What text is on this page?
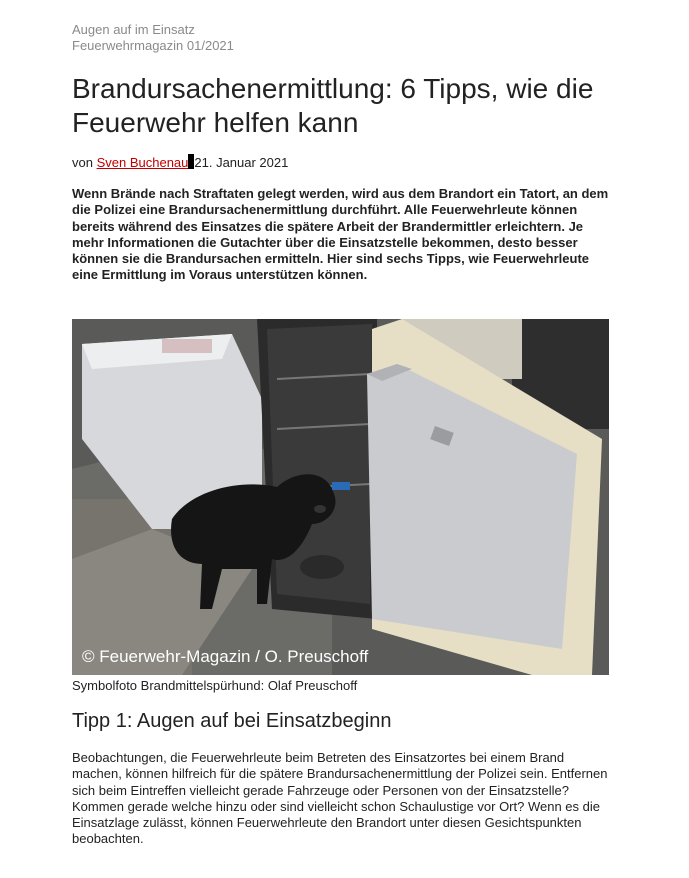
Augen auf im Einsatz
Feuerwehrmagazin 01/2021
Brandursachenermittlung: 6 Tipps, wie die Feuerwehr helfen kann
von Sven Buchenau 21. Januar 2021

Wenn Brände nach Straftaten gelegt werden, wird aus dem Brandort ein Tatort, an dem die Polizei eine Brandursachenermittlung durchführt. Alle Feuerwehrleute können bereits während des Einsatzes die spätere Arbeit der Brandermittler erleichtern. Je mehr Informationen die Gutachter über die Einsatzstelle bekommen, desto besser können sie die Brandursachen ermitteln. Hier sind sechs Tipps, wie Feuerwehrleute eine Ermittlung im Voraus unterstützen können.

© Feuerwehr-Magazin / O. Preuschoff
Symbolfoto Brandmittelspürhund: Olaf Preuschoff
Tipp 1: Augen auf bei Einsatzbeginn

Beobachtungen, die Feuerwehrleute beim Betreten des Einsatzortes bei einem Brand machen, können hilfreich für die spätere Brandursachenermittlung der Polizei sein. Entfernen sich beim Eintreffen vielleicht gerade Fahrzeuge oder Personen von der Einsatzstelle? Kommen gerade welche hinzu oder sind vielleicht schon Schaulustige vor Ort? Wenn es die Einsatzlage zulässt, können Feuerwehrleute den Brandort unter diesen Gesichtspunkten beobachten.
